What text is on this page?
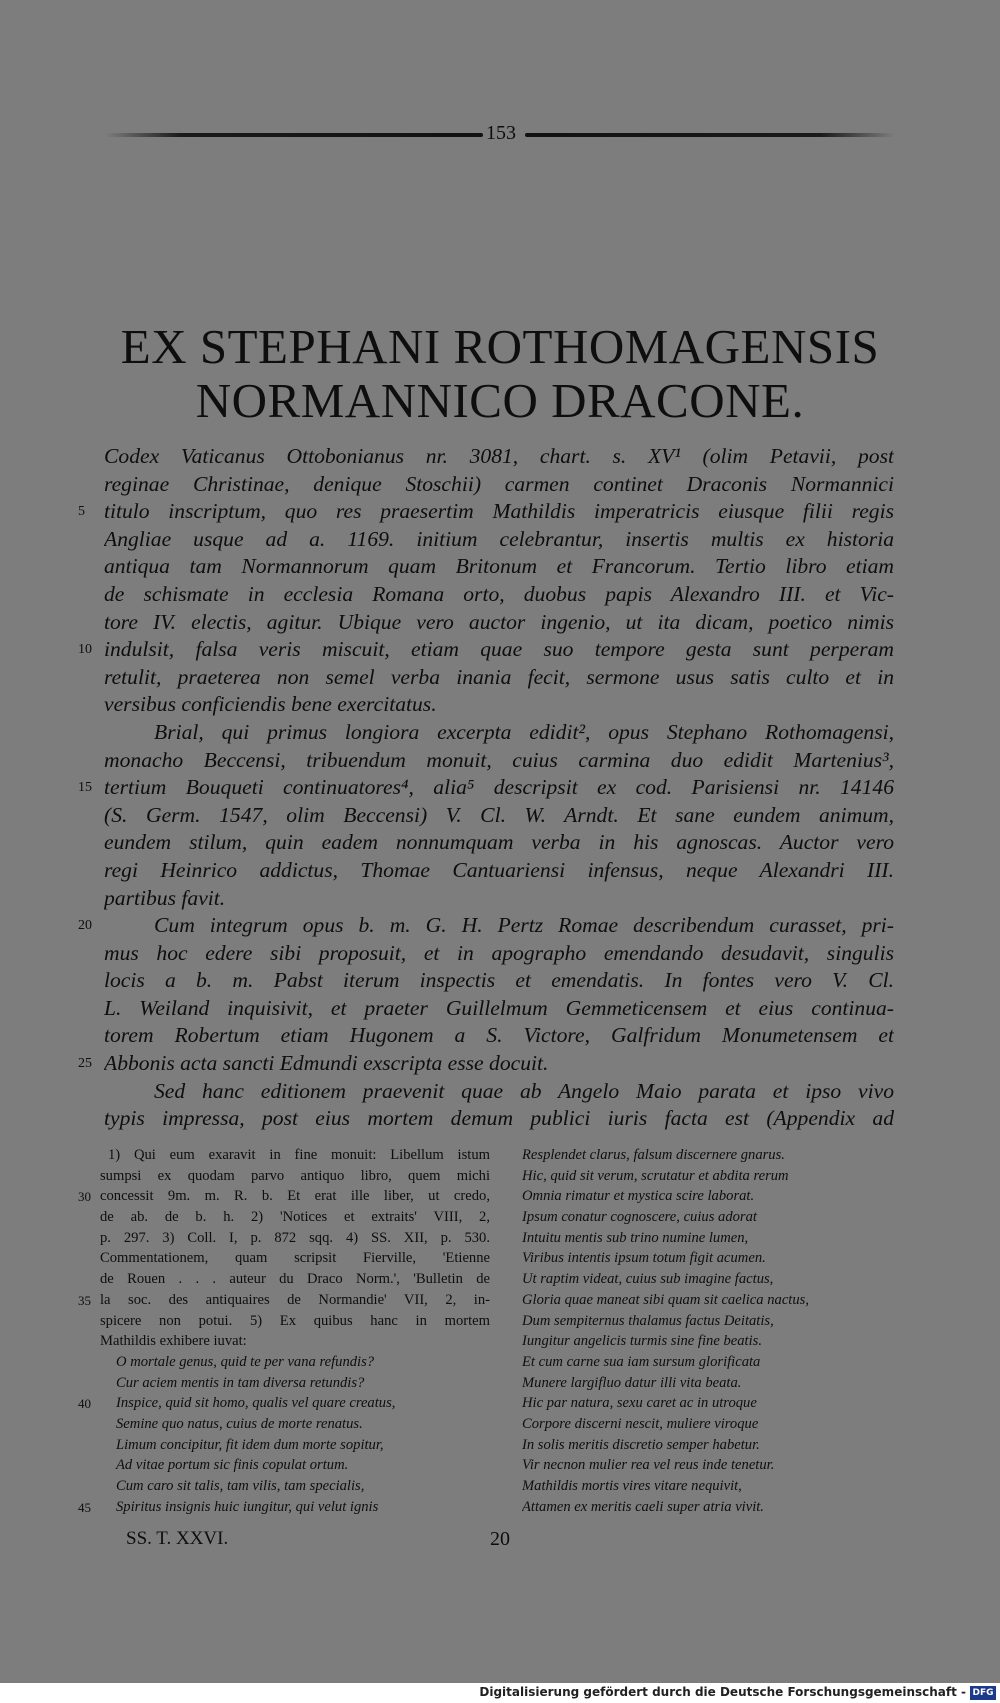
153
EX STEPHANI ROTHOMAGENSIS
NORMANNICO DRACONE.
Codex Vaticanus Ottobonianus nr. 3081, chart. s. XV¹ (olim Petavii, post
reginae Christinae, denique Stoschii) carmen continet Draconis Normannici
titulo inscriptum, quo res praesertim Mathildis imperatricis eiusque filii regis
Angliae usque ad a. 1169. initium celebrantur, insertis multis ex historia
antiqua tam Normannorum quam Britonum et Francorum. Tertio libro etiam
de schismate in ecclesia Romana orto, duobus papis Alexandro III. et Vic-
tore IV. electis, agitur. Ubique vero auctor ingenio, ut ita dicam, poetico nimis
indulsit, falsa veris miscuit, etiam quae suo tempore gesta sunt perperam
retulit, praeterea non semel verba inania fecit, sermone usus satis culto et in
versibus conficiendis bene exercitatus.
Brial, qui primus longiora excerpta edidit², opus Stephano Rothomagensi,
monacho Beccensi, tribuendum monuit, cuius carmina duo edidit Martenius³,
tertium Bouqueti continuatores⁴, alia⁵ descripsit ex cod. Parisiensi nr. 14146
(S. Germ. 1547, olim Beccensi) V. Cl. W. Arndt. Et sane eundem animum,
eundem stilum, quin eadem nonnumquam verba in his agnoscas. Auctor vero
regi Heinrico addictus, Thomae Cantuariensi infensus, neque Alexandri III.
partibus favit.
Cum integrum opus b. m. G. H. Pertz Romae describendum curasset, pri-
mus hoc edere sibi proposuit, et in apographo emendando desudavit, singulis
locis a b. m. Pabst iterum inspectis et emendatis. In fontes vero V. Cl.
L. Weiland inquisivit, et praeter Guillelmum Gemmeticensem et eius continua-
torem Robertum etiam Hugonem a S. Victore, Galfridum Monumetensem et
Abbonis acta sancti Edmundi exscripta esse docuit.
Sed hanc editionem praevenit quae ab Angelo Maio parata et ipso vivo
typis impressa, post eius mortem demum publici iuris facta est (Appendix ad
5
10
15
20
25
1) Qui eum exaravit in fine monuit: Libellum istum
sumpsi ex quodam parvo antiquo libro, quem michi
concessit 9m. m. R. b. Et erat ille liber, ut credo,
de ab. de b. h. 2) 'Notices et extraits' VIII, 2,
p. 297. 3) Coll. I, p. 872 sqq. 4) SS. XII, p. 530.
Commentationem, quam scripsit Fierville, 'Etienne
de Rouen . . . auteur du Draco Norm.', 'Bulletin de
la soc. des antiquaires de Normandie' VII, 2, in-
spicere non potui. 5) Ex quibus hanc in mortem
Mathildis exhibere iuvat:
O mortale genus, quid te per vana refundis?
Cur aciem mentis in tam diversa retundis?
Inspice, quid sit homo, qualis vel quare creatus,
Semine quo natus, cuius de morte renatus.
Limum concipitur, fit idem dum morte sopitur,
Ad vitae portum sic finis copulat ortum.
Cum caro sit talis, tam vilis, tam specialis,
Spiritus insignis huic iungitur, qui velut ignis
Resplendet clarus, falsum discernere gnarus.
Hic, quid sit verum, scrutatur et abdita rerum
Omnia rimatur et mystica scire laborat.
Ipsum conatur cognoscere, cuius adorat
Intuitu mentis sub trino numine lumen,
Viribus intentis ipsum totum figit acumen.
Ut raptim videat, cuius sub imagine factus,
Gloria quae maneat sibi quam sit caelica nactus,
Dum sempiternus thalamus factus Deitatis,
Iungitur angelicis turmis sine fine beatis.
Et cum carne sua iam sursum glorificata
Munere largifluo datur illi vita beata.
Hic par natura, sexu caret ac in utroque
Corpore discerni nescit, muliere viroque
In solis meritis discretio semper habetur.
Vir necnon mulier rea vel reus inde tenetur.
Mathildis mortis vires vitare nequivit,
Attamen ex meritis caeli super atria vivit.
30
35
40
45
SS. T. XXVI.	20
Digitalisierung gefördert durch die Deutsche Forschungsgemeinschaft - DFG
